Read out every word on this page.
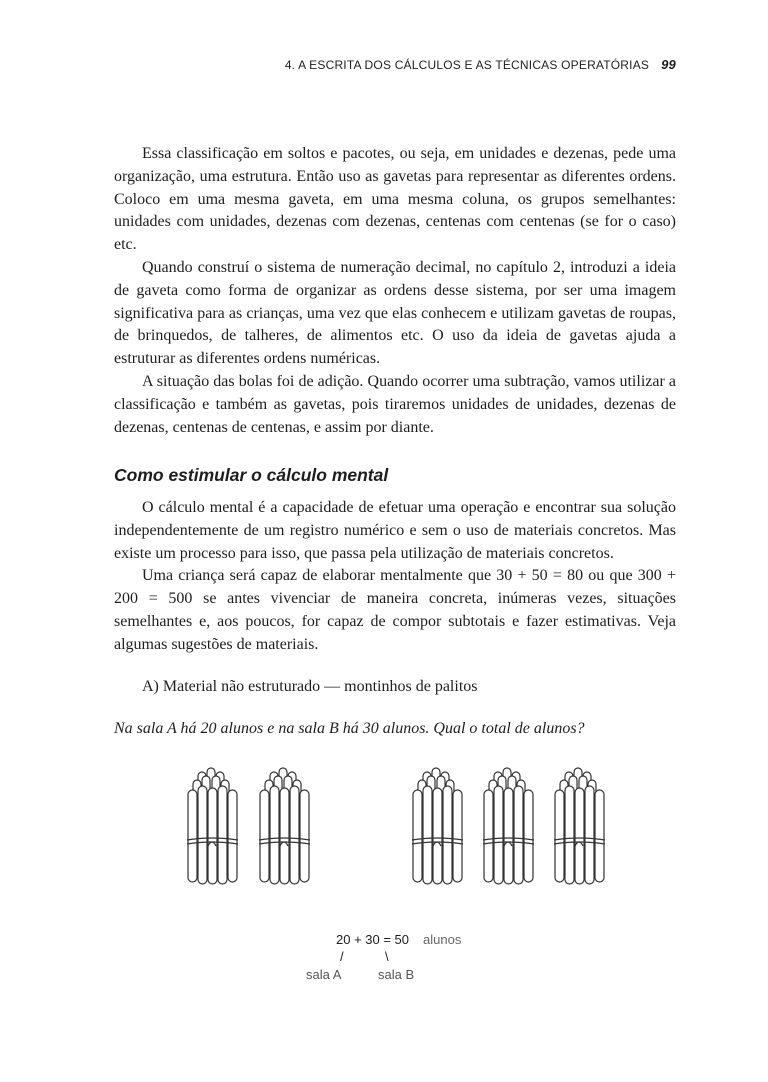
4. A ESCRITA DOS CÁLCULOS E AS TÉCNICAS OPERATÓRIAS 99

Essa classificação em soltos e pacotes, ou seja, em unidades e dezenas, pede uma organização, uma estrutura. Então uso as gavetas para representar as diferentes ordens. Coloco em uma mesma gaveta, em uma mesma coluna, os grupos semelhantes: unidades com unidades, dezenas com dezenas, centenas com centenas (se for o caso) etc.

Quando construí o sistema de numeração decimal, no capítulo 2, introduzi a ideia de gaveta como forma de organizar as ordens desse sistema, por ser uma imagem significativa para as crianças, uma vez que elas conhecem e utilizam gavetas de roupas, de brinquedos, de talheres, de alimentos etc. O uso da ideia de gavetas ajuda a estruturar as diferentes ordens numéricas.

A situação das bolas foi de adição. Quando ocorrer uma subtração, vamos utilizar a classificação e também as gavetas, pois tiraremos unidades de unidades, dezenas de dezenas, centenas de centenas, e assim por diante.

Como estimular o cálculo mental

O cálculo mental é a capacidade de efetuar uma operação e encontrar sua solução independentemente de um registro numérico e sem o uso de materiais concretos. Mas existe um processo para isso, que passa pela utilização de materiais concretos.

Uma criança será capaz de elaborar mentalmente que 30 + 50 = 80 ou que 300 + 200 = 500 se antes vivenciar de maneira concreta, inúmeras vezes, situações semelhantes e, aos poucos, for capaz de compor subtotais e fazer estimativas. Veja algumas sugestões de materiais.

A) Material não estruturado — montinhos de palitos
Na sala A há 20 alunos e na sala B há 30 alunos. Qual o total de alunos?
20 + 30 = 50 alunos
/	\
sala A	sala B
